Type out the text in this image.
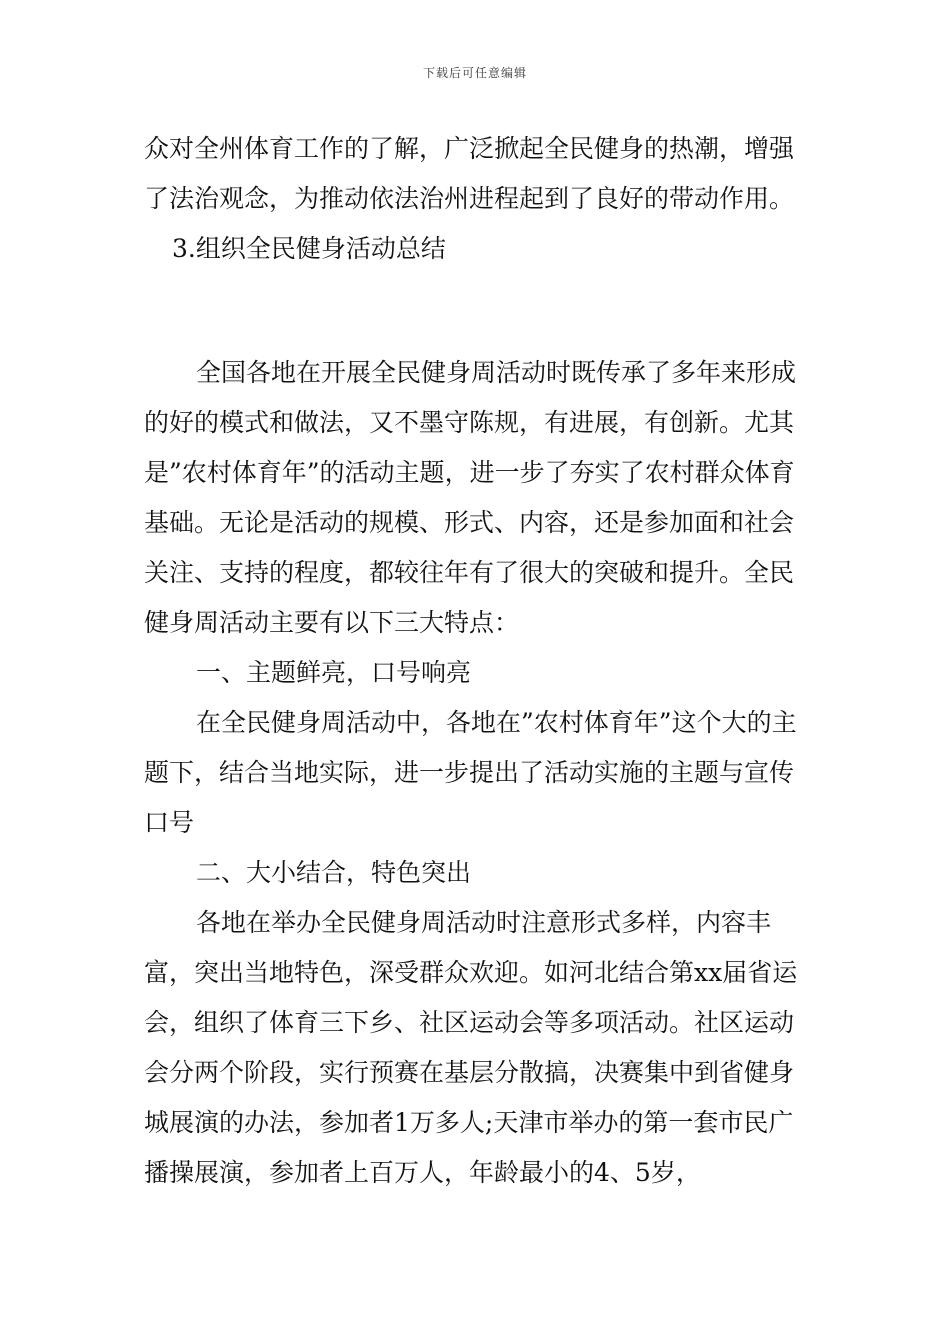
下载后可任意编辑

众对全州体育工作的了解，广泛掀起全民健身的热潮，增强了法治观念，为推动依法治州进程起到了良好的带动作用。

3.组织全民健身活动总结

全国各地在开展全民健身周活动时既传承了多年来形成的好的模式和做法，又不墨守陈规，有进展，有创新。尤其是”农村体育年”的活动主题，进一步了夯实了农村群众体育基础。无论是活动的规模、形式、内容，还是参加面和社会关注、支持的程度，都较往年有了很大的突破和提升。全民健身周活动主要有以下三大特点：

一、主题鲜亮，口号响亮

在全民健身周活动中，各地在”农村体育年”这个大的主题下，结合当地实际，进一步提出了活动实施的主题与宣传口号

二、大小结合，特色突出

各地在举办全民健身周活动时注意形式多样，内容丰富，突出当地特色，深受群众欢迎。如河北结合第xx届省运会，组织了体育三下乡、社区运动会等多项活动。社区运动会分两个阶段，实行预赛在基层分散搞，决赛集中到省健身城展演的办法，参加者1万多人;天津市举办的第一套市民广播操展演，参加者上百万人，年龄最小的4、5岁，
